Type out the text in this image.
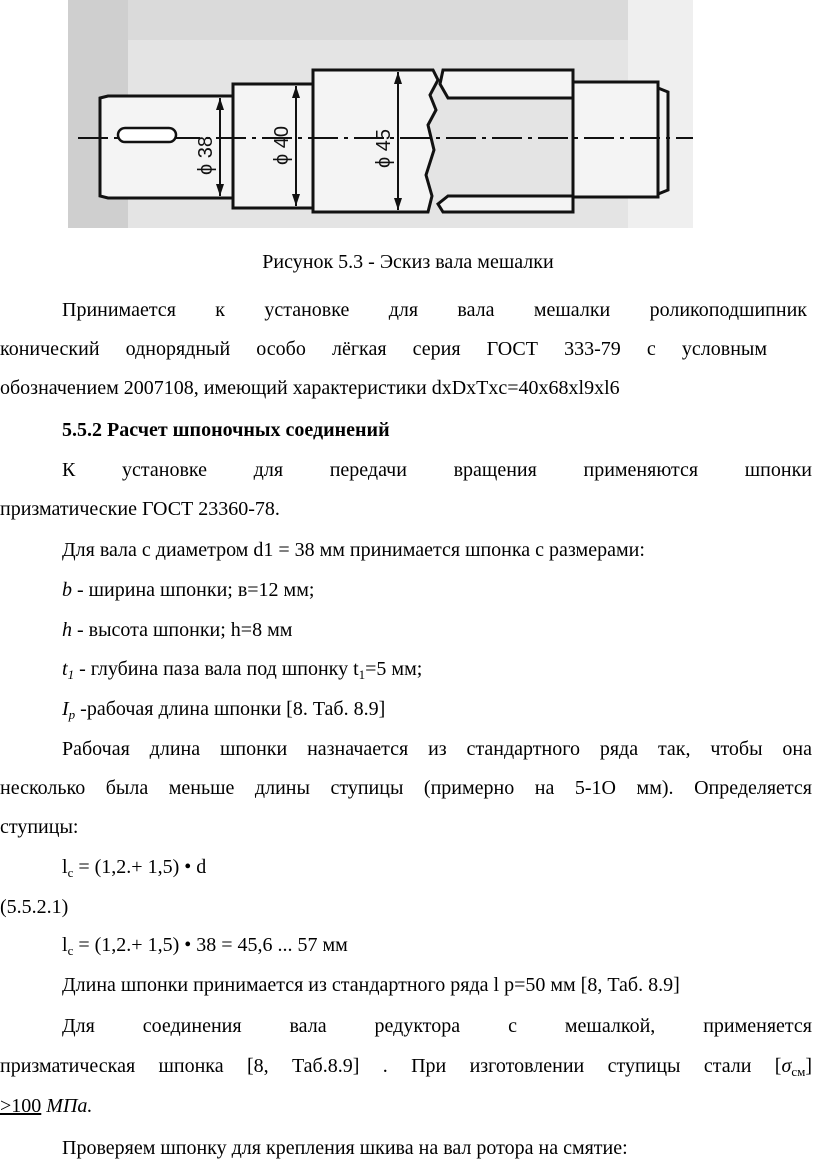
ϕ 38	ϕ 40	ϕ 45
Рисунок 5.3 - Эскиз вала мешалки
Принимается к установке для вала мешалки роликоподшипник
конический однорядный особо лёгкая серия ГОСТ 333-79 с условным
обозначением 2007108, имеющий характеристики dxDxTxc=40x68xl9xl6
5.5.2 Расчет шпоночных соединений
К установке для передачи вращения применяются шпонки
призматические ГОСТ 23360-78.
Для вала с диаметром d1 = 38 мм принимается шпонка с размерами:
b - ширина шпонки; в=12 мм;
h - высота шпонки; h=8 мм
$t_1$ - глубина паза вала под шпонку $t_1=5$ мм;
$I_p$ -рабочая длина шпонки [8. Таб. 8.9]
Рабочая длина шпонки назначается из стандартного ряда так, чтобы она
несколько была меньше длины ступицы (примерно на 5-1О мм). Определяется
ступицы:
$l_c = (1,2.+ 1,5)$ • d
(5.5.2.1)
$l_c = (1,2.+ 1,5)$ • 38 = 45,6 ... 57 мм
Длина шпонки принимается из стандартного ряда l p=50 мм [8, Таб. 8.9]
Для соединения вала редуктора с мешалкой, применяется
призматическая шпонка [8, Таб.8.9] . При изготовлении ступицы стали $[\sigma_{см}]$
>100 МПа.
Проверяем шпонку для крепления шкива на вал ротора на смятие:
